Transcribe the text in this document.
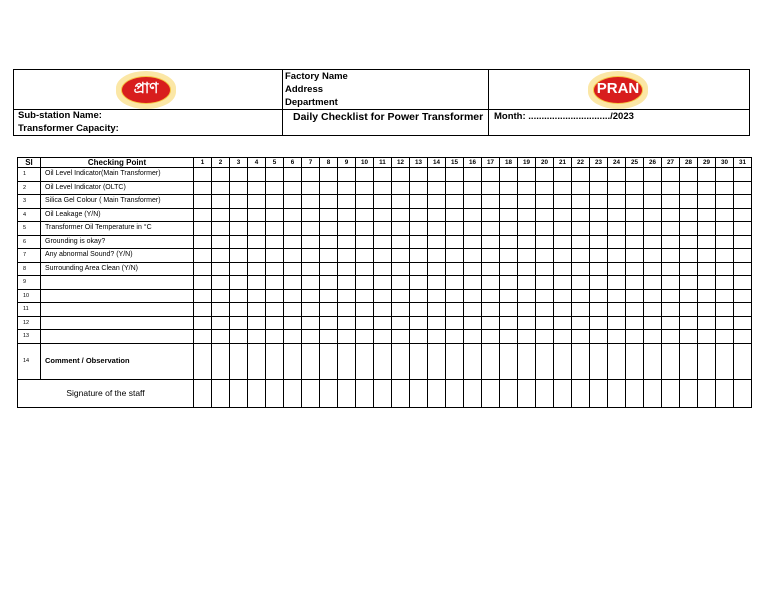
প্রাণ
Factory Name
Address
Department
PRAN
Sub-station Name:
Transformer Capacity:
Daily Checklist for Power Transformer Month: .............................../2023
Sl	Checking Point	1	2	3	4	5	6	7	8	9	10	11	12	13	14	15	16	17	18	19	20	21	22	23	24	25	26	27	28	29	30	31
1	Oil Level Indicator(Main Transformer)																															
2	Oil Level Indicator (OLTC)																															
3	Silica Gel Colour ( Main Transformer)																															
4	Oil Leakage (Y/N)																															
5	Transformer Oil Temperature in °C																															
6	Grounding is okay?																															
7	Any abnormal Sound? (Y/N)																															
8	Surrounding Area Clean (Y/N)																															
9																																
10																																
11																																
12																																
13																																
14	Comment / Observation																															
Signature of the staff																																
